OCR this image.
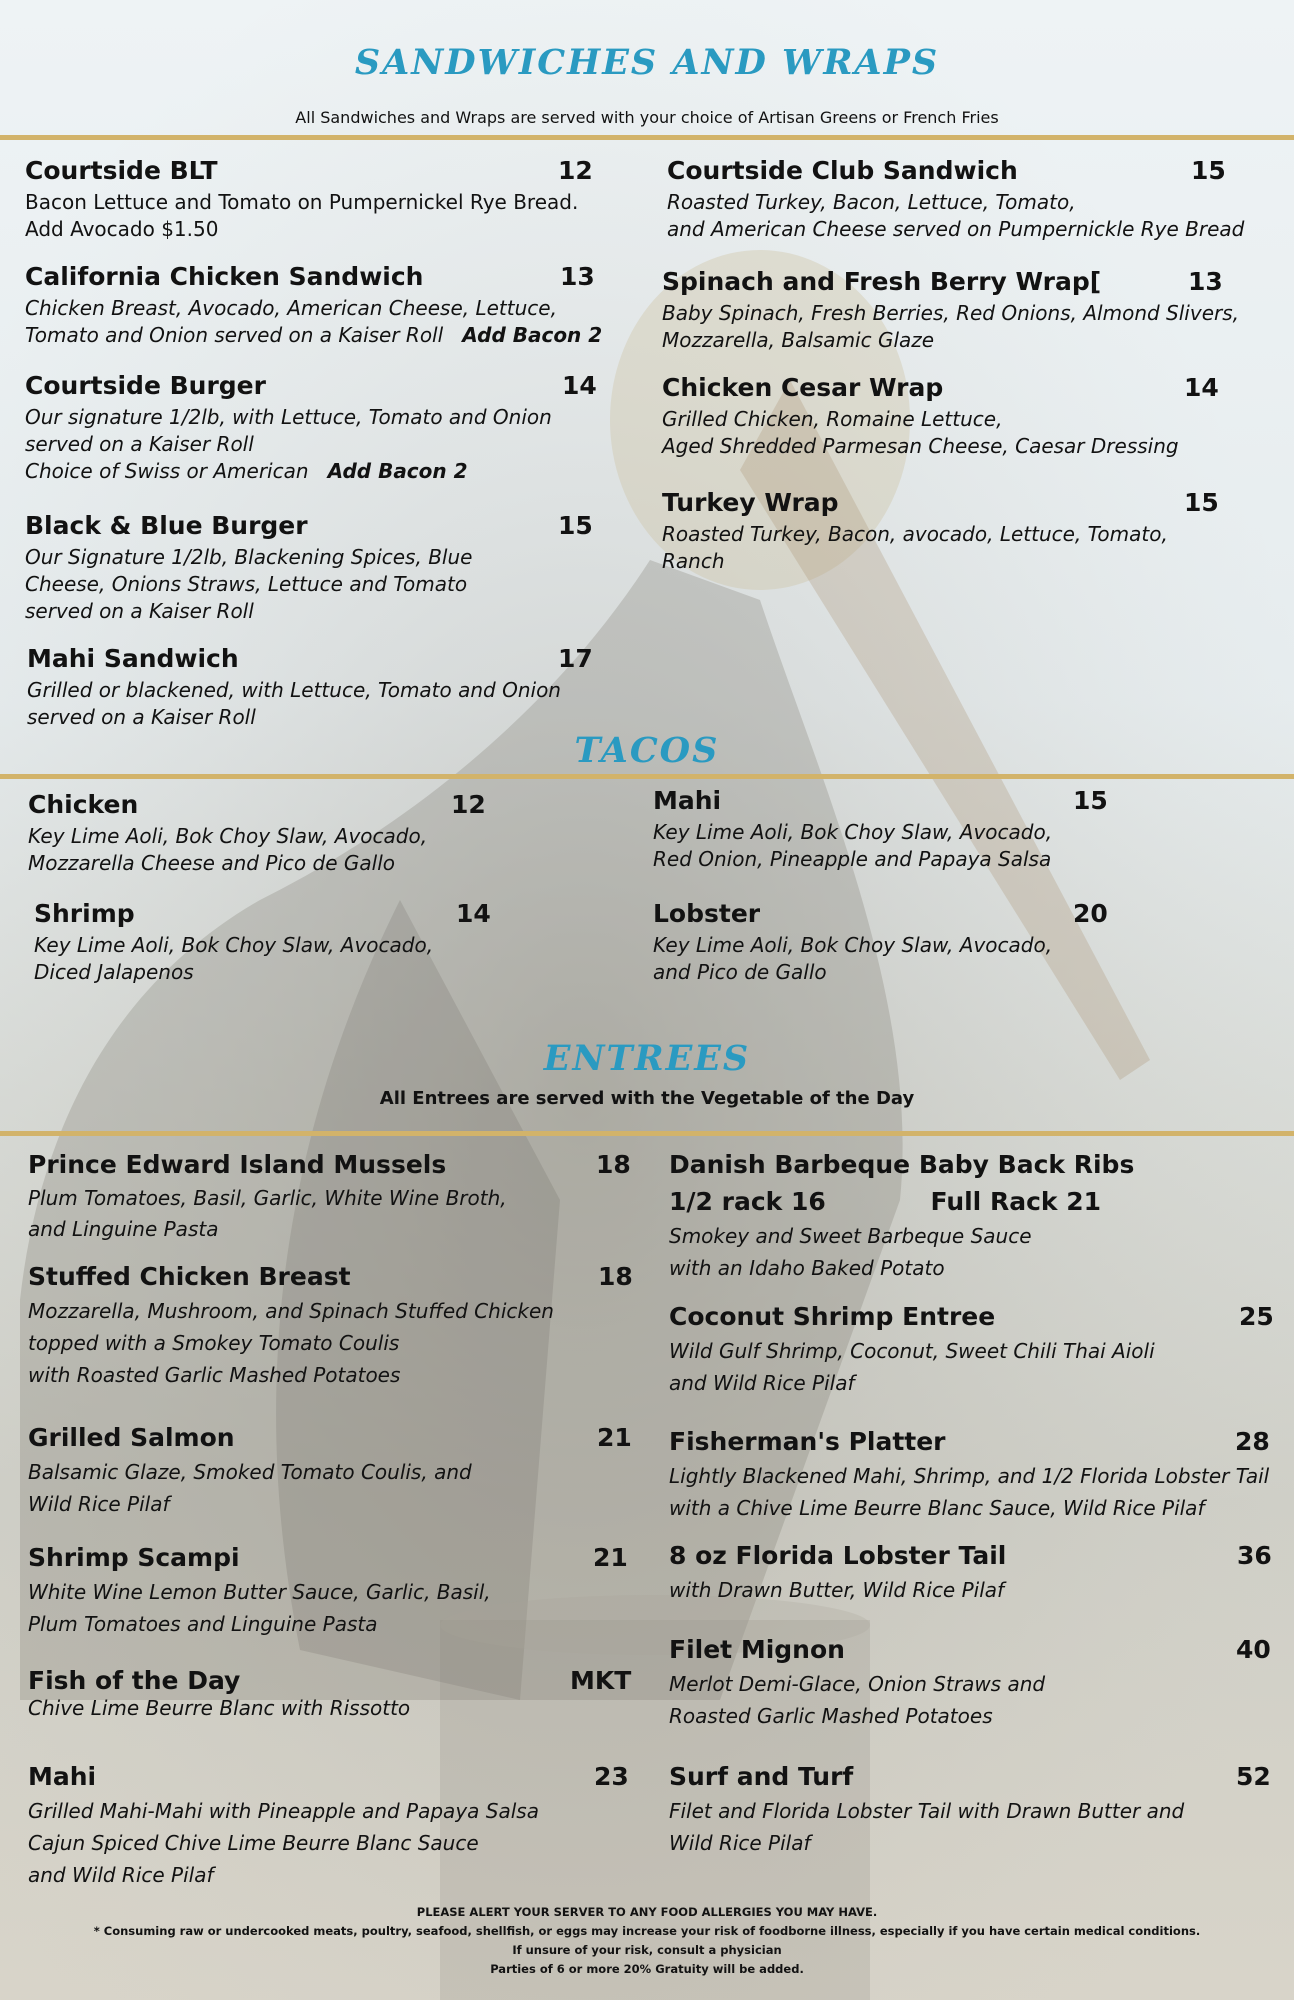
SANDWICHES AND WRAPS
All Sandwiches and Wraps are served with your choice of Artisan Greens or French Fries
Courtside BLT	12
Bacon Lettuce and Tomato on Pumpernickel Rye Bread.
Add Avocado $1.50
California Chicken Sandwich	13
Chicken Breast, Avocado, American Cheese, Lettuce,
Tomato and Onion served on a Kaiser Roll Add Bacon 2
Courtside Burger	14
Our signature 1/2lb, with Lettuce, Tomato and Onion
served on a Kaiser Roll
Choice of Swiss or American Add Bacon 2
Black & Blue Burger	15
Our Signature 1/2lb, Blackening Spices, Blue
Cheese, Onions Straws, Lettuce and Tomato
served on a Kaiser Roll
Mahi Sandwich	17
Grilled or blackened, with Lettuce, Tomato and Onion
served on a Kaiser Roll
Courtside Club Sandwich	15
Roasted Turkey, Bacon, Lettuce, Tomato,
and American Cheese served on Pumpernickle Rye Bread
Spinach and Fresh Berry Wrap[	13
Baby Spinach, Fresh Berries, Red Onions, Almond Slivers,
Mozzarella, Balsamic Glaze
Chicken Cesar Wrap	14
Grilled Chicken, Romaine Lettuce,
Aged Shredded Parmesan Cheese, Caesar Dressing
Turkey Wrap	15
Roasted Turkey, Bacon, avocado, Lettuce, Tomato,
Ranch
TACOS
Chicken	12
Key Lime Aoli, Bok Choy Slaw, Avocado,
Mozzarella Cheese and Pico de Gallo
Shrimp	14
Key Lime Aoli, Bok Choy Slaw, Avocado,
Diced Jalapenos
Mahi	15
Key Lime Aoli, Bok Choy Slaw, Avocado,
Red Onion, Pineapple and Papaya Salsa
Lobster	20
Key Lime Aoli, Bok Choy Slaw, Avocado,
and Pico de Gallo
ENTREES
All Entrees are served with the Vegetable of the Day
Prince Edward Island Mussels	18
Plum Tomatoes, Basil, Garlic, White Wine Broth,
and Linguine Pasta
Stuffed Chicken Breast	18
Mozzarella, Mushroom, and Spinach Stuffed Chicken
topped with a Smokey Tomato Coulis
with Roasted Garlic Mashed Potatoes
Grilled Salmon	21
Balsamic Glaze, Smoked Tomato Coulis, and
Wild Rice Pilaf
Shrimp Scampi	21
White Wine Lemon Butter Sauce, Garlic, Basil,
Plum Tomatoes and Linguine Pasta
Fish of the Day	MKT
Chive Lime Beurre Blanc with Rissotto
Mahi	23
Grilled Mahi-Mahi with Pineapple and Papaya Salsa
Cajun Spiced Chive Lime Beurre Blanc Sauce
and Wild Rice Pilaf
Danish Barbeque Baby Back Ribs
1/2 rack 16	Full Rack 21
Smokey and Sweet Barbeque Sauce
with an Idaho Baked Potato
Coconut Shrimp Entree	25
Wild Gulf Shrimp, Coconut, Sweet Chili Thai Aioli
and Wild Rice Pilaf
Fisherman's Platter	28
Lightly Blackened Mahi, Shrimp, and 1/2 Florida Lobster Tail
with a Chive Lime Beurre Blanc Sauce, Wild Rice Pilaf
8 oz Florida Lobster Tail	36
with Drawn Butter, Wild Rice Pilaf
Filet Mignon	40
Merlot Demi-Glace, Onion Straws and
Roasted Garlic Mashed Potatoes
Surf and Turf	52
Filet and Florida Lobster Tail with Drawn Butter and
Wild Rice Pilaf
PLEASE ALERT YOUR SERVER TO ANY FOOD ALLERGIES YOU MAY HAVE.
* Consuming raw or undercooked meats, poultry, seafood, shellfish, or eggs may increase your risk of foodborne illness, especially if you have certain medical conditions.
If unsure of your risk, consult a physician
Parties of 6 or more 20% Gratuity will be added.
